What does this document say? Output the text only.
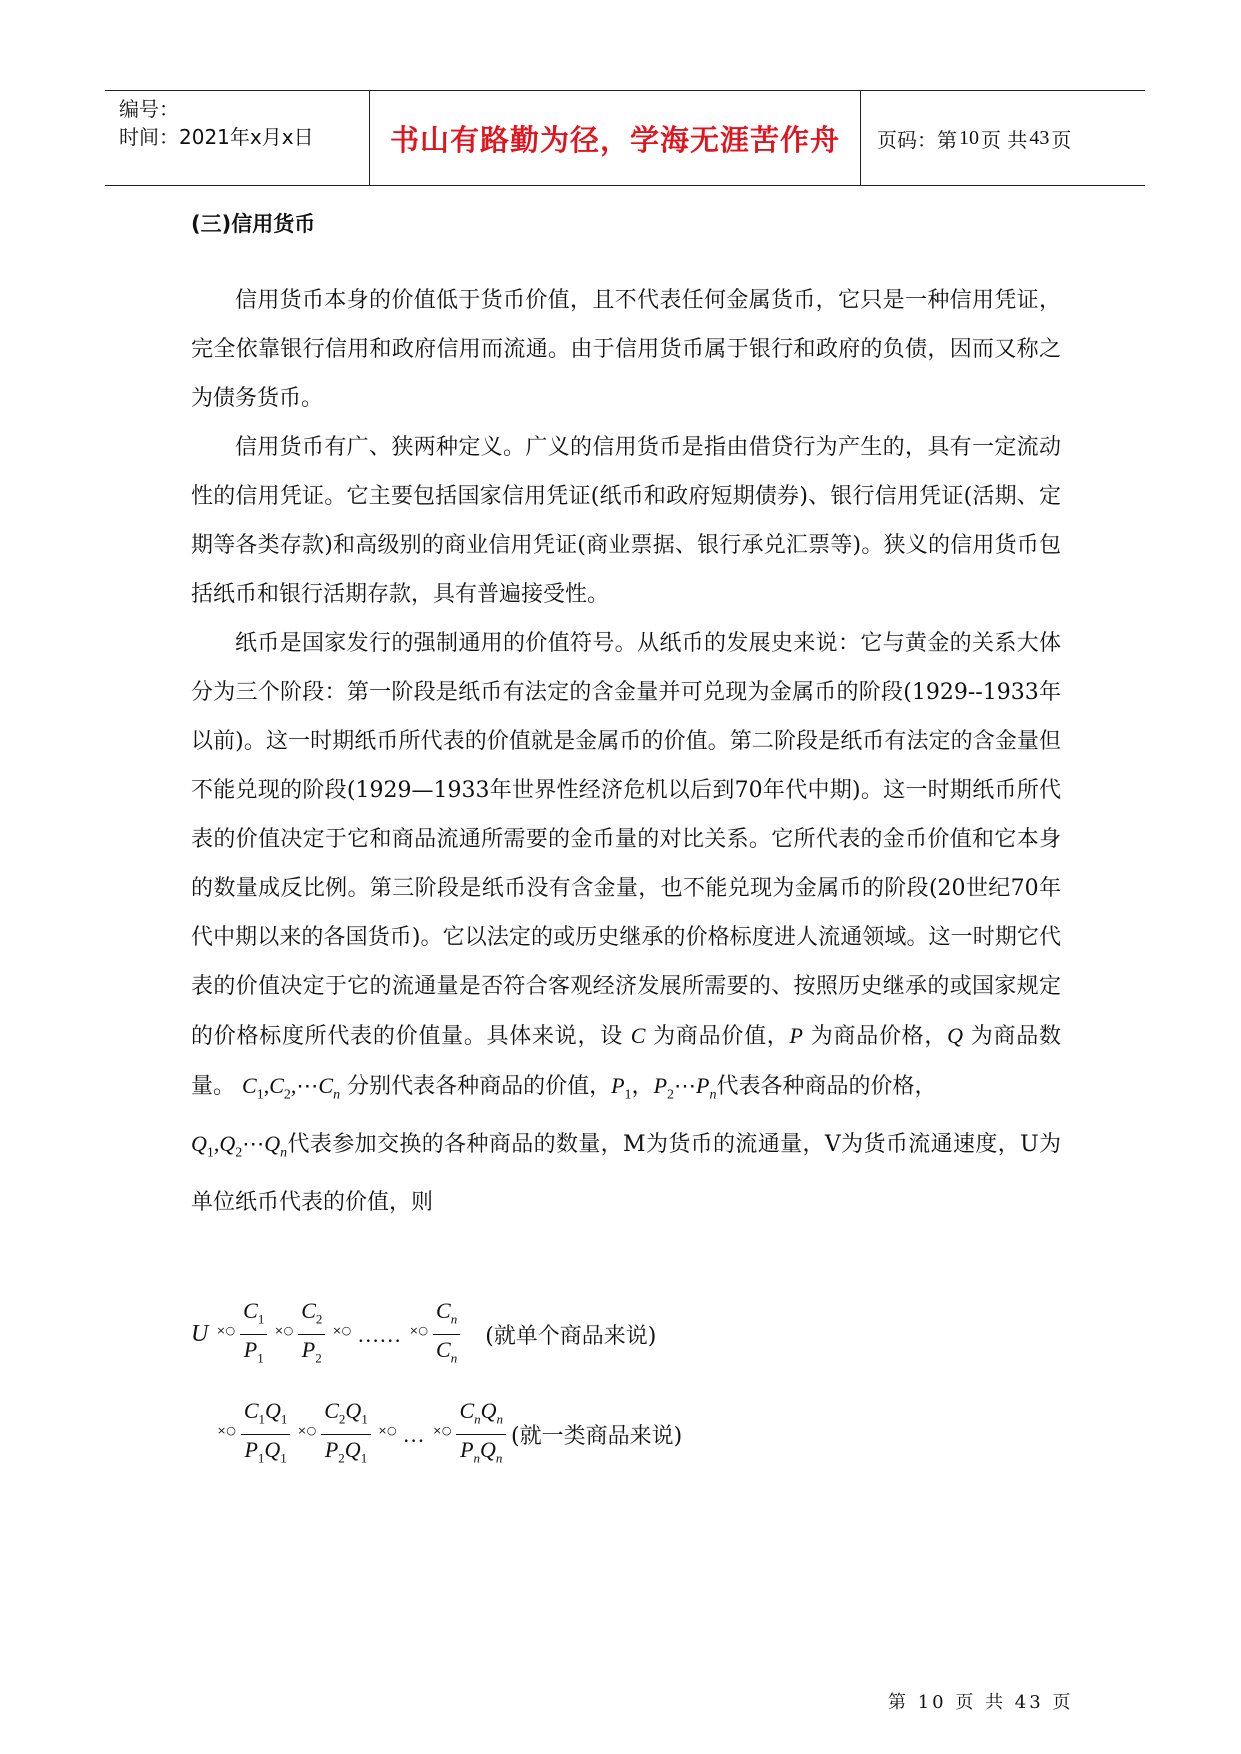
编号：
时间：2021年x月x日	书山有路勤为径，学海无涯苦作舟 页码：第 10 页 共 43 页
(三)信用货币

信用货币本身的价值低于货币价值，且不代表任何金属货币，它只是一种信用凭证，完全依靠银行信用和政府信用而流通。由于信用货币属于银行和政府的负债，因而又称之为债务货币。

信用货币有广、狭两种定义。广义的信用货币是指由借贷行为产生的，具有一定流动性的信用凭证。它主要包括国家信用凭证(纸币和政府短期债券)、银行信用凭证(活期、定期等各类存款)和高级别的商业信用凭证(商业票据、银行承兑汇票等)。狭义的信用货币包括纸币和银行活期存款，具有普遍接受性。

纸币是国家发行的强制通用的价值符号。从纸币的发展史来说：它与黄金的关系大体分为三个阶段：第一阶段是纸币有法定的含金量并可兑现为金属币的阶段(1929--1933年以前)。这一时期纸币所代表的价值就是金属币的价值。第二阶段是纸币有法定的含金量但不能兑现的阶段(1929—1933年世界性经济危机以后到70年代中期)。这一时期纸币所代表的价值决定于它和商品流通所需要的金币量的对比关系。它所代表的金币价值和它本身的数量成反比例。第三阶段是纸币没有含金量，也不能兑现为金属币的阶段(20世纪70年代中期以来的各国货币)。它以法定的或历史继承的价格标度进人流通领域。这一时期它代表的价值决定于它的流通量是否符合客观经济发展所需要的、按照历史继承的或国家规定的价格标度所代表的价值量。具体来说，设 C 为商品价值，P 为商品价格，Q 为商品数量。 $C_1,C_2,\cdots C_n$ 分别代表各种商品的价值，$P_1$，$P_2\cdots P_n$代表各种商品的价格，
$Q_1,Q_2\cdots Q_n$代表参加交换的各种商品的数量，M为货币的流通量，V为货币流通速度，U为单位纸币代表的价值，则

U ×○ $\frac{C_1}{P_1}$ ×○ $\frac{C_2}{P_2}$ ×○ …… ×○ $\frac{C_n}{C_n}$ (就单个商品来说)
×○ $\frac{C_1Q_1}{P_1Q_1}$ ×○ $\frac{C_2Q_1}{P_2Q_1}$ ×○ … ×○ $\frac{C_nQ_n}{P_nQ_n}$ (就一类商品来说)
第 10 页 共 43 页
